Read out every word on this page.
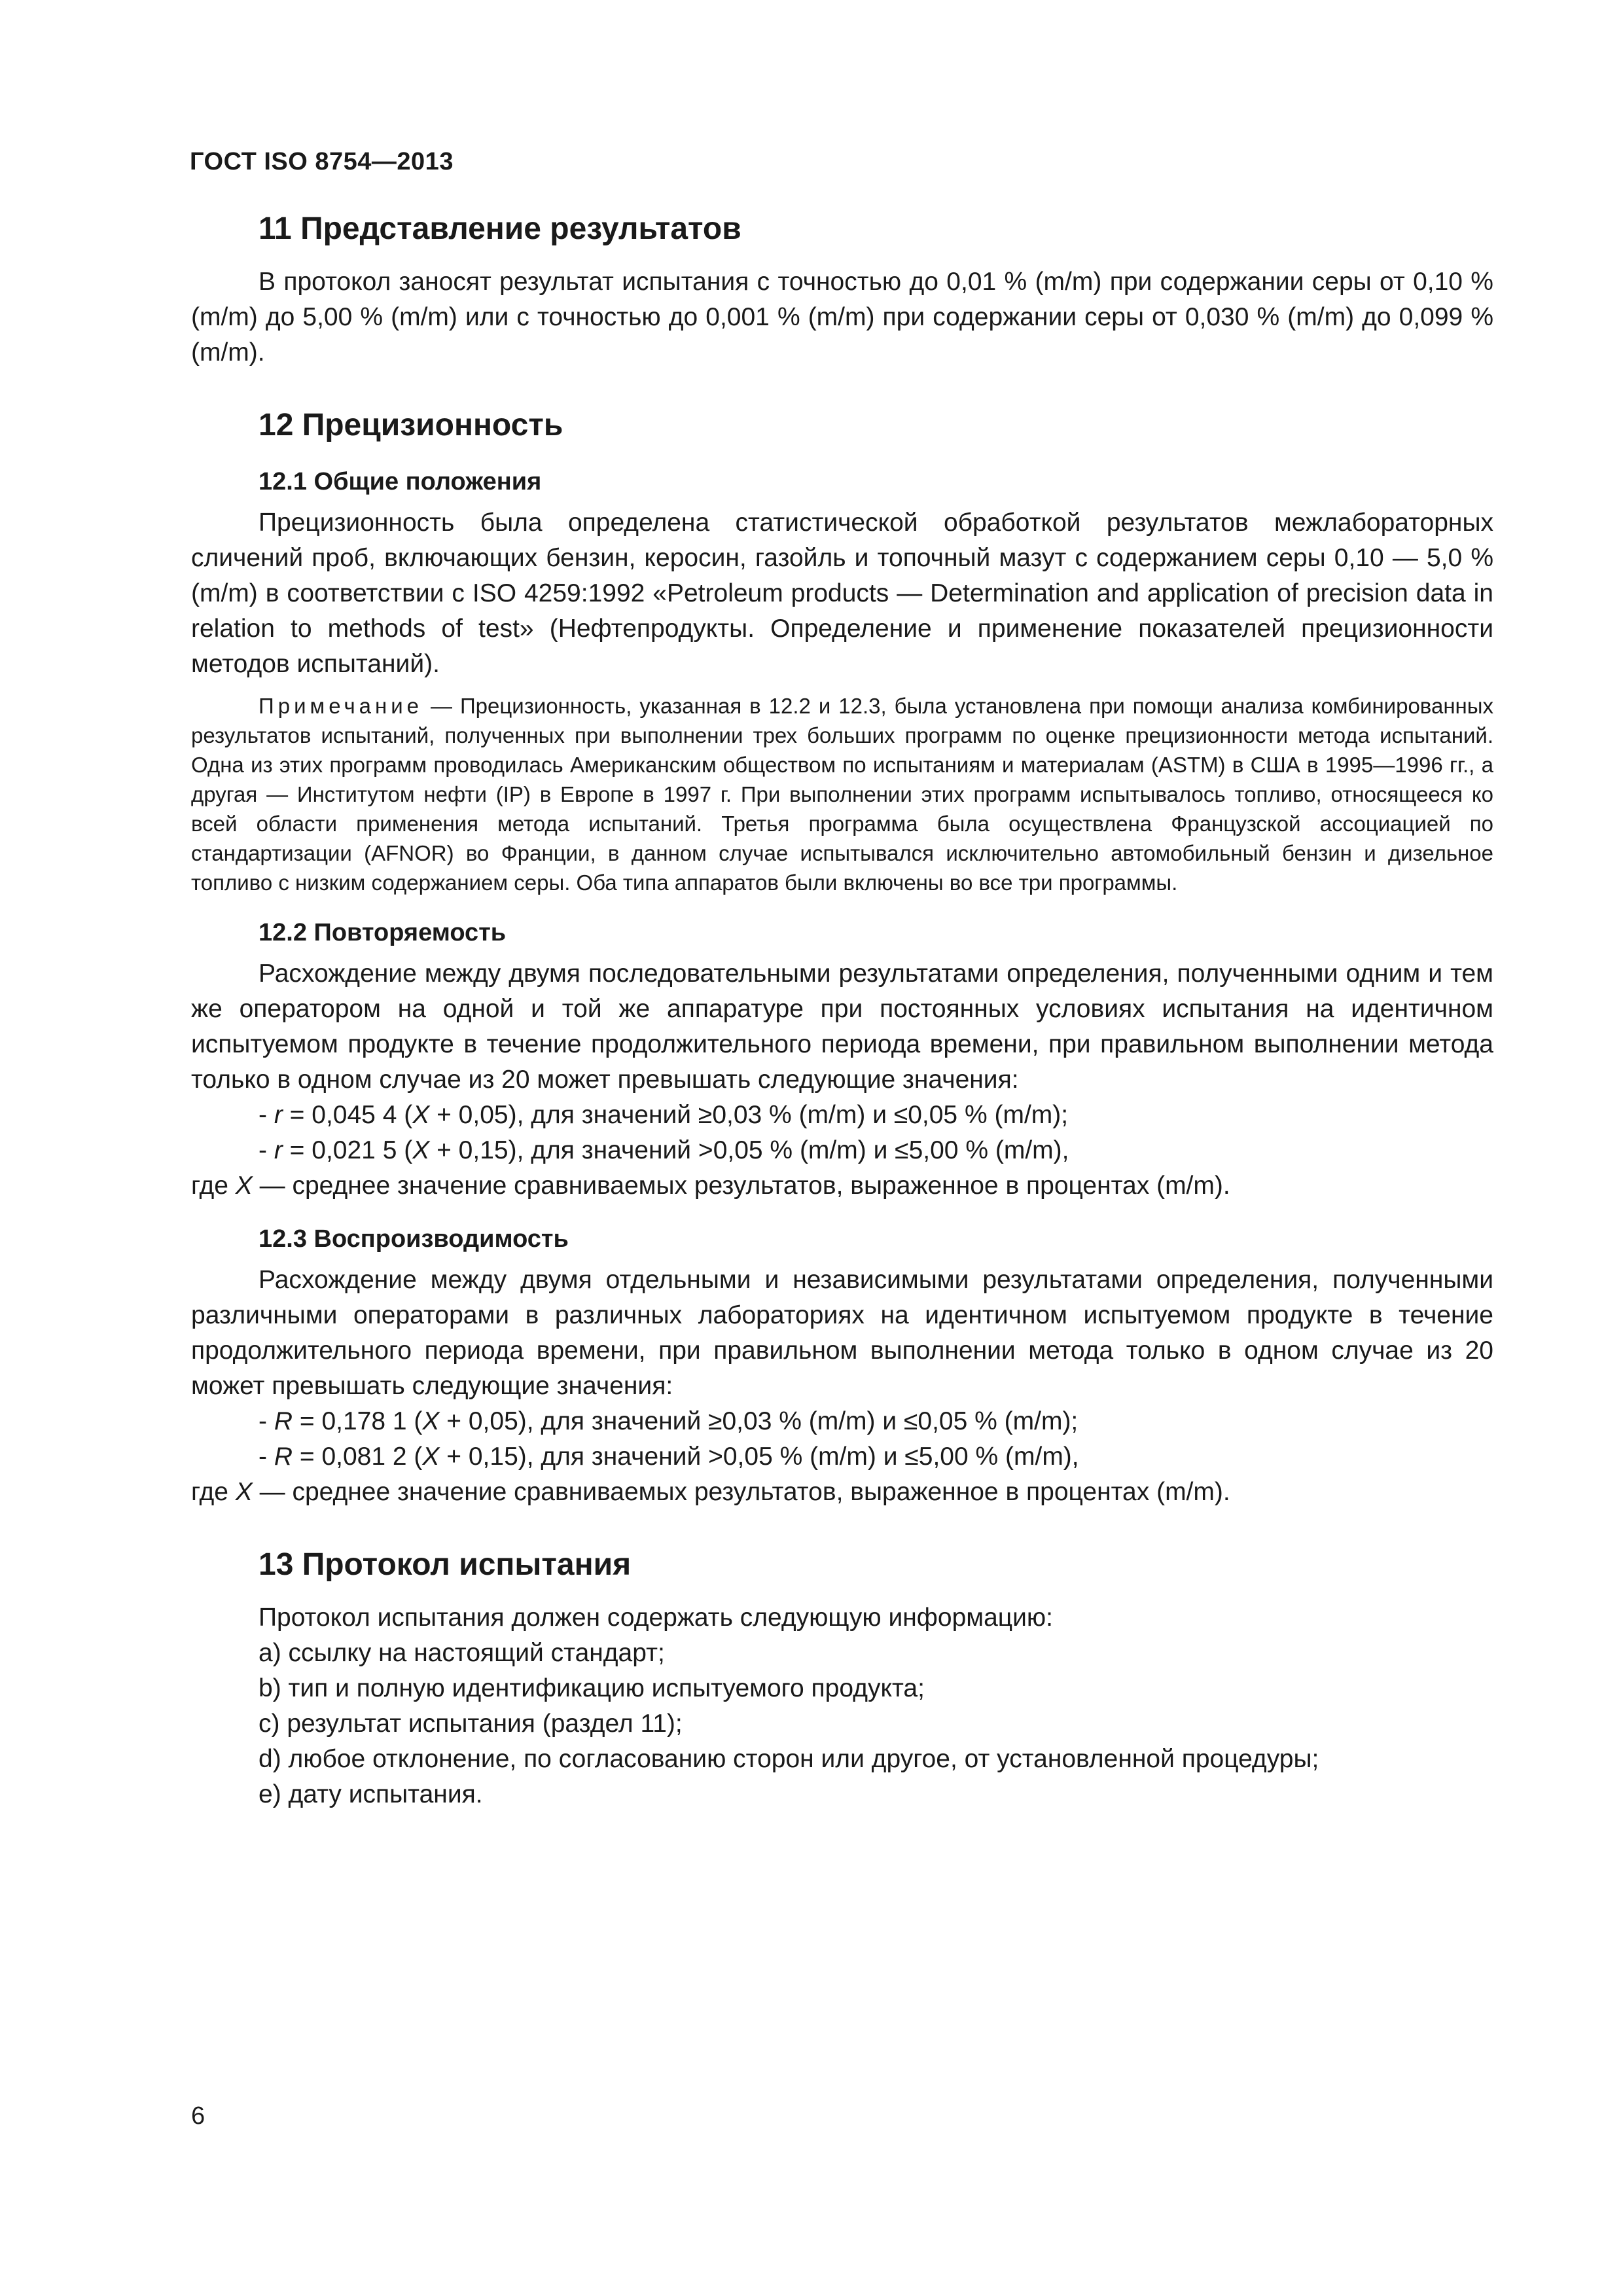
ГОСТ ISO 8754—2013
11 Представление результатов

В протокол заносят результат испытания с точностью до 0,01 % (m/m) при содержании серы от 0,10 % (m/m) до 5,00 % (m/m) или с точностью до 0,001 % (m/m) при содержании серы от 0,030 % (m/m) до 0,099 % (m/m).

12 Прецизионность
12.1 Общие положения

Прецизионность была определена статистической обработкой результатов межлабораторных сличений проб, включающих бензин, керосин, газойль и топочный мазут с содержанием серы 0,10 — 5,0 % (m/m) в соответствии с ISO 4259:1992 «Petroleum products — Determination and application of precision data in relation to methods of test» (Нефтепродукты. Определение и применение показателей прецизионности методов испытаний).

Примечание — Прецизионность, указанная в 12.2 и 12.3, была установлена при помощи анализа комбинированных результатов испытаний, полученных при выполнении трех больших программ по оценке прецизионности метода испытаний. Одна из этих программ проводилась Американским обществом по испытаниям и материалам (ASTM) в США в 1995—1996 гг., а другая — Институтом нефти (IP) в Европе в 1997 г. При выполнении этих программ испытывалось топливо, относящееся ко всей области применения метода испытаний. Третья программа была осуществлена Французской ассоциацией по стандартизации (AFNOR) во Франции, в данном случае испытывался исключительно автомобильный бензин и дизельное топливо с низким содержанием серы. Оба типа аппаратов были включены во все три программы.

12.2 Повторяемость

Расхождение между двумя последовательными результатами определения, полученными одним и тем же оператором на одной и той же аппаратуре при постоянных условиях испытания на идентичном испытуемом продукте в течение продолжительного периода времени, при правильном выполнении метода только в одном случае из 20 может превышать следующие значения:

- r = 0,045 4 (X + 0,05), для значений ≥0,03 % (m/m) и ≤0,05 % (m/m);

- r = 0,021 5 (X + 0,15), для значений >0,05 % (m/m) и ≤5,00 % (m/m),

где X — среднее значение сравниваемых результатов, выраженное в процентах (m/m).

12.3 Воспроизводимость

Расхождение между двумя отдельными и независимыми результатами определения, полученными различными операторами в различных лабораториях на идентичном испытуемом продукте в течение продолжительного периода времени, при правильном выполнении метода только в одном случае из 20 может превышать следующие значения:

- R = 0,178 1 (X + 0,05), для значений ≥0,03 % (m/m) и ≤0,05 % (m/m);

- R = 0,081 2 (X + 0,15), для значений >0,05 % (m/m) и ≤5,00 % (m/m),

где X — среднее значение сравниваемых результатов, выраженное в процентах (m/m).

13 Протокол испытания

Протокол испытания должен содержать следующую информацию:

a) ссылку на настоящий стандарт;

b) тип и полную идентификацию испытуемого продукта;

c) результат испытания (раздел 11);

d) любое отклонение, по согласованию сторон или другое, от установленной процедуры;

e) дату испытания.

6
